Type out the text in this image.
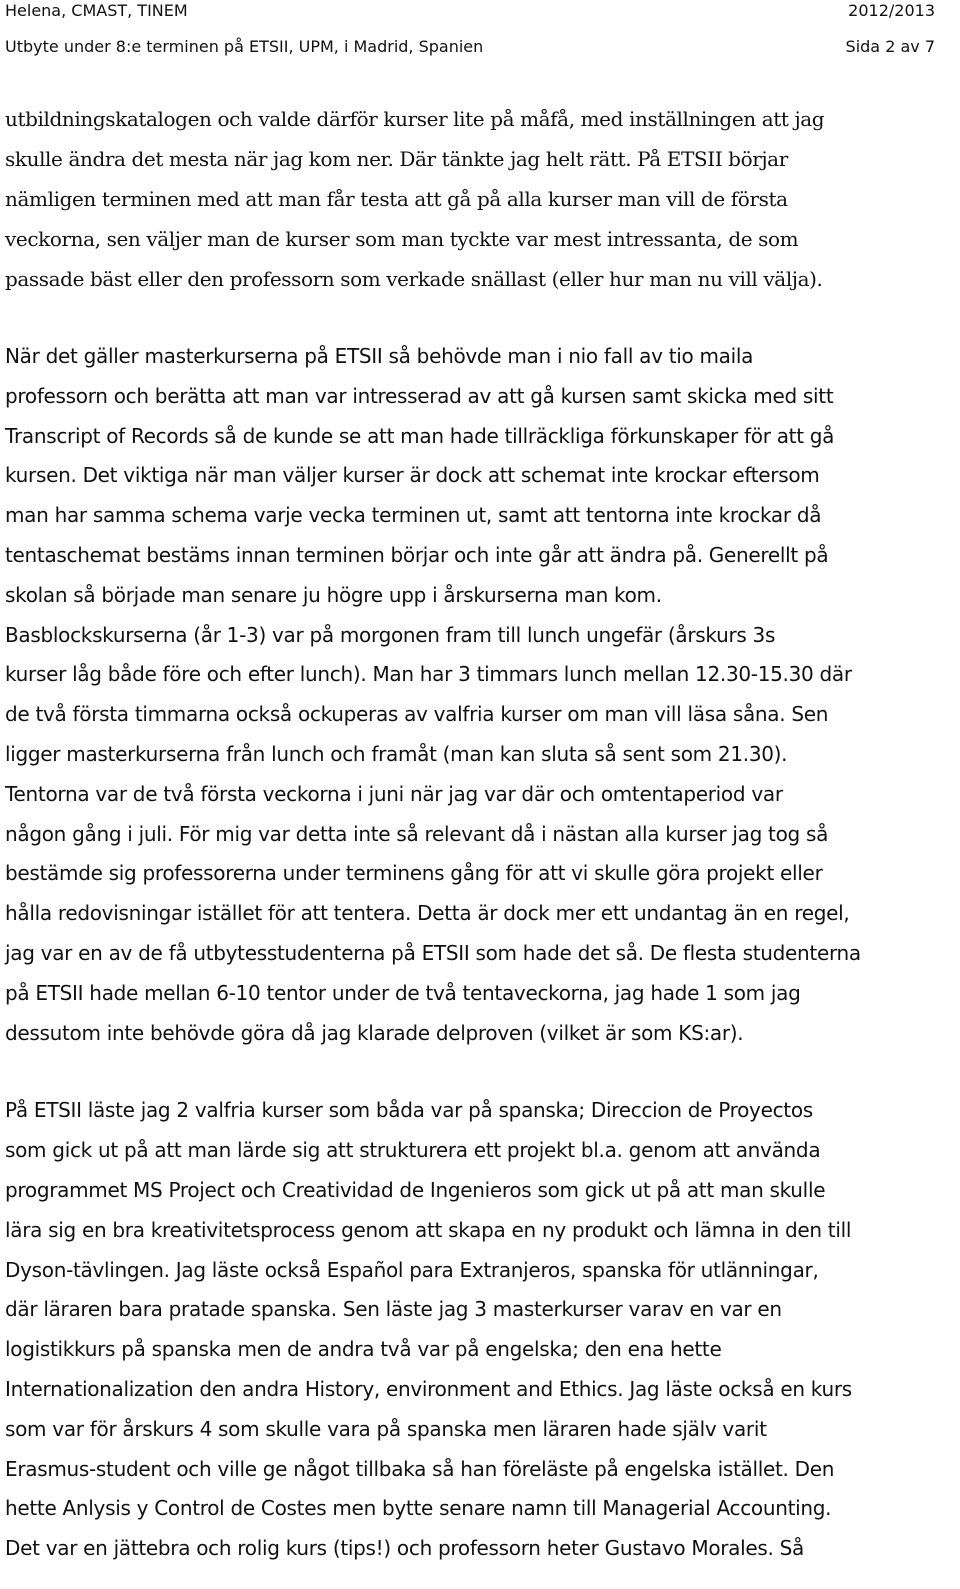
Helena, CMAST, TINEM	2012/2013
Utbyte under 8:e terminen på ETSII, UPM, i Madrid, Spanien	Sida 2 av 7

utbildningskatalogen och valde därför kurser lite på måfå, med inställningen att jag
skulle ändra det mesta när jag kom ner. Där tänkte jag helt rätt. På ETSII börjar
nämligen terminen med att man får testa att gå på alla kurser man vill de första
veckorna, sen väljer man de kurser som man tyckte var mest intressanta, de som
passade bäst eller den professorn som verkade snällast (eller hur man nu vill välja).

När det gäller masterkurserna på ETSII så behövde man i nio fall av tio maila
professorn och berätta att man var intresserad av att gå kursen samt skicka med sitt
Transcript of Records så de kunde se att man hade tillräckliga förkunskaper för att gå
kursen. Det viktiga när man väljer kurser är dock att schemat inte krockar eftersom
man har samma schema varje vecka terminen ut, samt att tentorna inte krockar då
tentaschemat bestäms innan terminen börjar och inte går att ändra på. Generellt på
skolan så började man senare ju högre upp i årskurserna man kom.
Basblockskurserna (år 1-3) var på morgonen fram till lunch ungefär (årskurs 3s
kurser låg både före och efter lunch). Man har 3 timmars lunch mellan 12.30-15.30 där
de två första timmarna också ockuperas av valfria kurser om man vill läsa såna. Sen
ligger masterkurserna från lunch och framåt (man kan sluta så sent som 21.30).
Tentorna var de två första veckorna i juni när jag var där och omtentaperiod var
någon gång i juli. För mig var detta inte så relevant då i nästan alla kurser jag tog så
bestämde sig professorerna under terminens gång för att vi skulle göra projekt eller
hålla redovisningar istället för att tentera. Detta är dock mer ett undantag än en regel,
jag var en av de få utbytesstudenterna på ETSII som hade det så. De flesta studenterna
på ETSII hade mellan 6-10 tentor under de två tentaveckorna, jag hade 1 som jag
dessutom inte behövde göra då jag klarade delproven (vilket är som KS:ar).

På ETSII läste jag 2 valfria kurser som båda var på spanska; Direccion de Proyectos
som gick ut på att man lärde sig att strukturera ett projekt bl.a. genom att använda
programmet MS Project och Creatividad de Ingenieros som gick ut på att man skulle
lära sig en bra kreativitetsprocess genom att skapa en ny produkt och lämna in den till
Dyson-tävlingen. Jag läste också Español para Extranjeros, spanska för utlänningar,
där läraren bara pratade spanska. Sen läste jag 3 masterkurser varav en var en
logistikkurs på spanska men de andra två var på engelska; den ena hette
Internationalization den andra History, environment and Ethics. Jag läste också en kurs
som var för årskurs 4 som skulle vara på spanska men läraren hade själv varit
Erasmus-student och ville ge något tillbaka så han föreläste på engelska istället. Den
hette Anlysis y Control de Costes men bytte senare namn till Managerial Accounting.
Det var en jättebra och rolig kurs (tips!) och professorn heter Gustavo Morales. Så
